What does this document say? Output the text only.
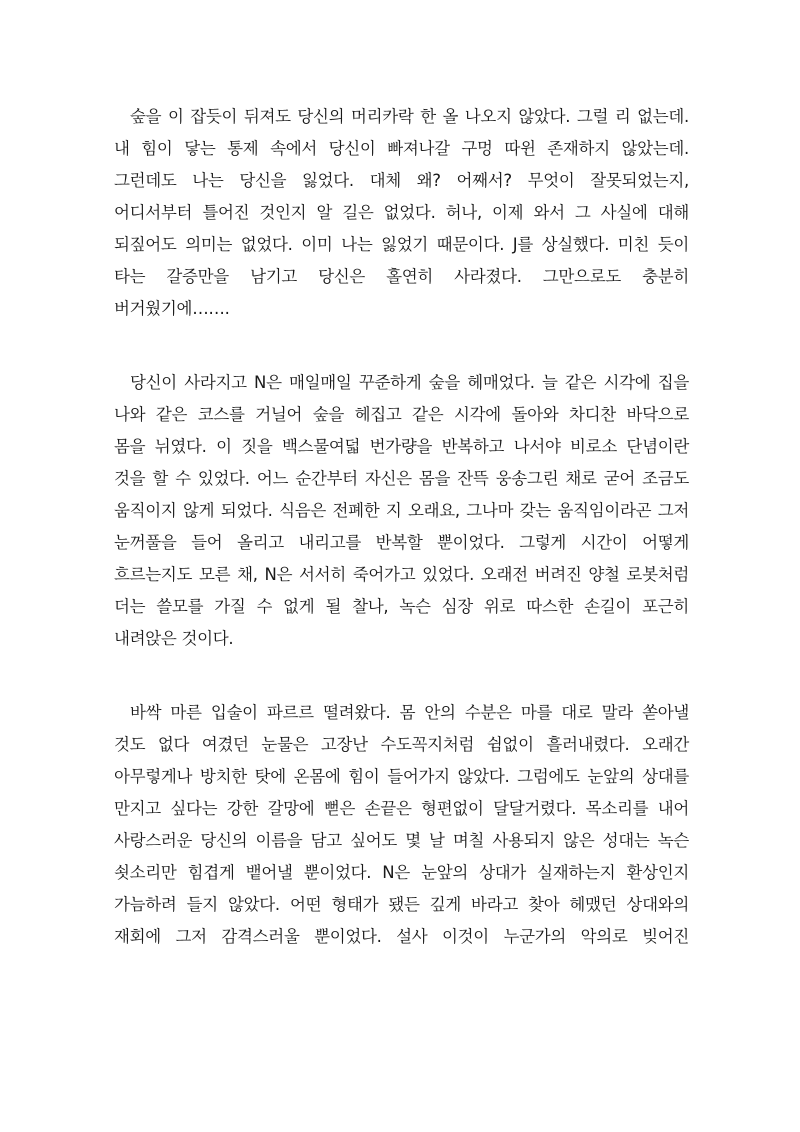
숲을 이 잡듯이 뒤져도 당신의 머리카락 한 올 나오지 않았다. 그럴 리 없는데.
내 힘이 닿는 통제 속에서 당신이 빠져나갈 구멍 따윈 존재하지 않았는데.
그런데도 나는 당신을 잃었다. 대체 왜? 어째서? 무엇이 잘못되었는지,
어디서부터 틀어진 것인지 알 길은 없었다. 허나, 이제 와서 그 사실에 대해
되짚어도 의미는 없었다. 이미 나는 잃었기 때문이다. J를 상실했다. 미친 듯이
타는 갈증만을 남기고 당신은 홀연히 사라졌다. 그만으로도 충분히
버거웠기에…….
당신이 사라지고 N은 매일매일 꾸준하게 숲을 헤매었다. 늘 같은 시각에 집을
나와 같은 코스를 거닐어 숲을 헤집고 같은 시각에 돌아와 차디찬 바닥으로
몸을 뉘였다. 이 짓을 백스물여덟 번가량을 반복하고 나서야 비로소 단념이란
것을 할 수 있었다. 어느 순간부터 자신은 몸을 잔뜩 웅송그린 채로 굳어 조금도
움직이지 않게 되었다. 식음은 전폐한 지 오래요, 그나마 갖는 움직임이라곤 그저
눈꺼풀을 들어 올리고 내리고를 반복할 뿐이었다. 그렇게 시간이 어떻게
흐르는지도 모른 채, N은 서서히 죽어가고 있었다. 오래전 버려진 양철 로봇처럼
더는 쓸모를 가질 수 없게 될 찰나, 녹슨 심장 위로 따스한 손길이 포근히
내려앉은 것이다.
바싹 마른 입술이 파르르 떨려왔다. 몸 안의 수분은 마를 대로 말라 쏟아낼
것도 없다 여겼던 눈물은 고장난 수도꼭지처럼 쉼없이 흘러내렸다. 오래간
아무렇게나 방치한 탓에 온몸에 힘이 들어가지 않았다. 그럼에도 눈앞의 상대를
만지고 싶다는 강한 갈망에 뻗은 손끝은 형편없이 달달거렸다. 목소리를 내어
사랑스러운 당신의 이름을 담고 싶어도 몇 날 며칠 사용되지 않은 성대는 녹슨
쇳소리만 힘겹게 뱉어낼 뿐이었다. N은 눈앞의 상대가 실재하는지 환상인지
가늠하려 들지 않았다. 어떤 형태가 됐든 깊게 바라고 찾아 헤맸던 상대와의
재회에 그저 감격스러울 뿐이었다. 설사 이것이 누군가의 악의로 빚어진
